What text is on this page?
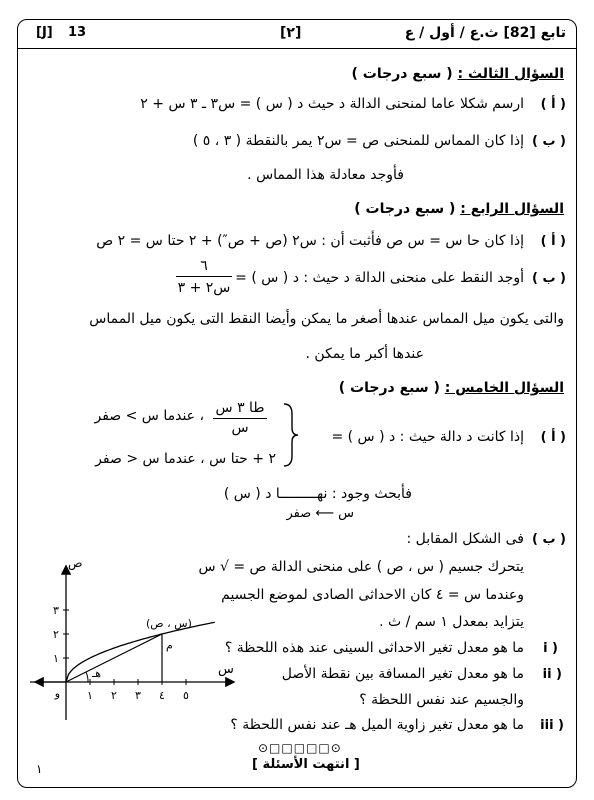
تابع [82] ث.ع / أول / ع
[٢]
[J] 13
السؤال الثالث : ( سبع درجات )
( أ )
ارسم شكلا عاما لمنحنى الدالة د حيث د ( س ) = س٣ ـ ٣ س + ٢
( ب )
إذا كان المماس للمنحنى ص = س٢ يمر بالنقطة ( ٣ ، ٥ )
فأوجد معادلة هذا المماس .
السؤال الرابع : ( سبع درجات )
( أ )
إذا كان حا س = س ص فأثبت أن : س٢ (ص + ص″) + ٢ حتا س = ٢ ص
( ب )
أوجد النقط على منحنى الدالة د حيث : د ( س ) =
٦
س٢ + ٣
والتى يكون ميل المماس عندها أصغر ما يمكن وأيضا النقط التى يكون ميل المماس
عندها أكبر ما يمكن .
السؤال الخامس : ( سبع درجات )
( أ )
إذا كانت د دالة حيث : د ( س ) =
طا ٣ س
س
، عندما س > صفر
٢ + حتا س ، عندما س < صفر
فأبحث وجود : نهـــــــــا د ( س )
س ⟵ صفر
( ب )
فى الشكل المقابل :
يتحرك جسيم ( س ، ص ) على منحنى الدالة ص = √ س
وعندما س = ٤ كان الاحداثى الصادى لموضع الجسيم
يتزايد بمعدل ١ سم / ث .
i )
ما هو معدل تغير الاحداثى السينى عند هذه اللحظة ؟
ii )
ما هو معدل تغير المسافة بين نقطة الأصل
والجسيم عند نفس اللحظة ؟
iii )
ما هو معدل تغير زاوية الميل هـ عند نفس اللحظة ؟
١ ٢ ٣ ٤ ٥
١
٢
٣
ص
س
و
هـ
(س ، ص)
م
⊙□□□□□⊙
[ انتهت الأسئلة ]
١
